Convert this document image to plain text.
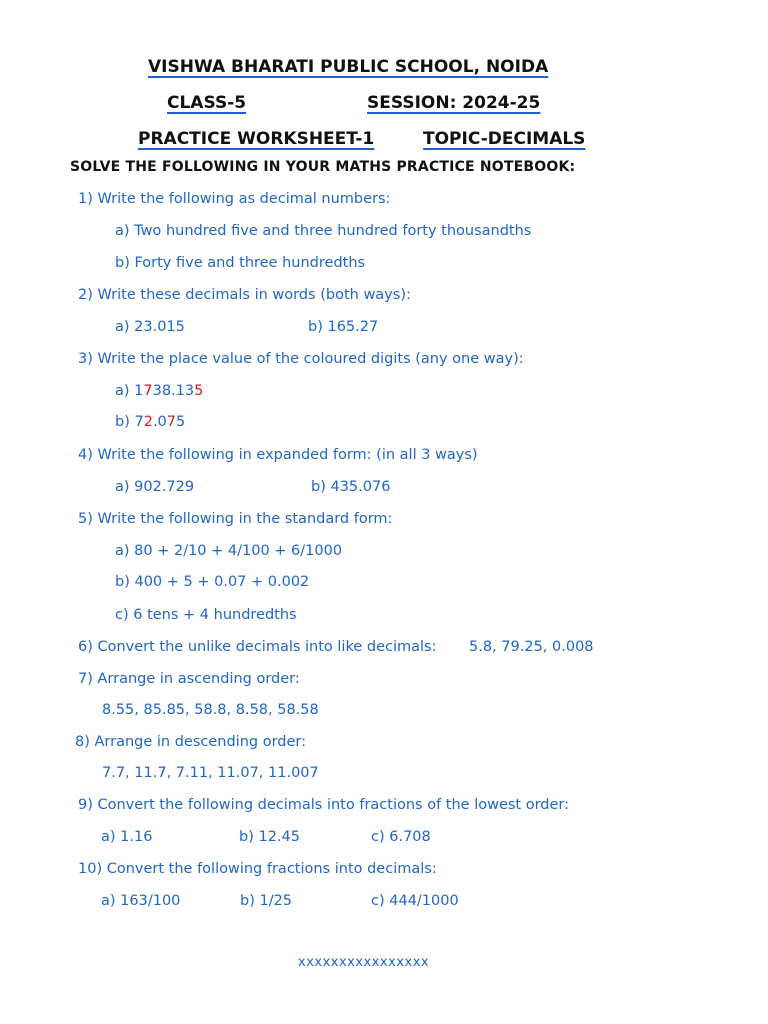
VISHWA BHARATI PUBLIC SCHOOL, NOIDA
CLASS-5	SESSION: 2024-25
PRACTICE WORKSHEET-1	TOPIC-DECIMALS
SOLVE THE FOLLOWING IN YOUR MATHS PRACTICE NOTEBOOK:
1) Write the following as decimal numbers:
a) Two hundred five and three hundred forty thousandths
b) Forty five and three hundredths
2) Write these decimals in words (both ways):
a) 23.015	b) 165.27
3) Write the place value of the coloured digits (any one way):
a) 1738.135
b) 72.075
4) Write the following in expanded form: (in all 3 ways)
a) 902.729	b) 435.076
5) Write the following in the standard form:
a) 80 + 2/10 + 4/100 + 6/1000
b) 400 + 5 + 0.07 + 0.002
c) 6 tens + 4 hundredths
6) Convert the unlike decimals into like decimals: 5.8, 79.25, 0.008
7) Arrange in ascending order:
8.55, 85.85, 58.8, 8.58, 58.58
8) Arrange in descending order:
7.7, 11.7, 7.11, 11.07, 11.007
9) Convert the following decimals into fractions of the lowest order:
a) 1.16	b) 12.45	c) 6.708
10) Convert the following fractions into decimals:
a) 163/100	b) 1/25	c) 444/1000
xxxxxxxxxxxxxxxx
